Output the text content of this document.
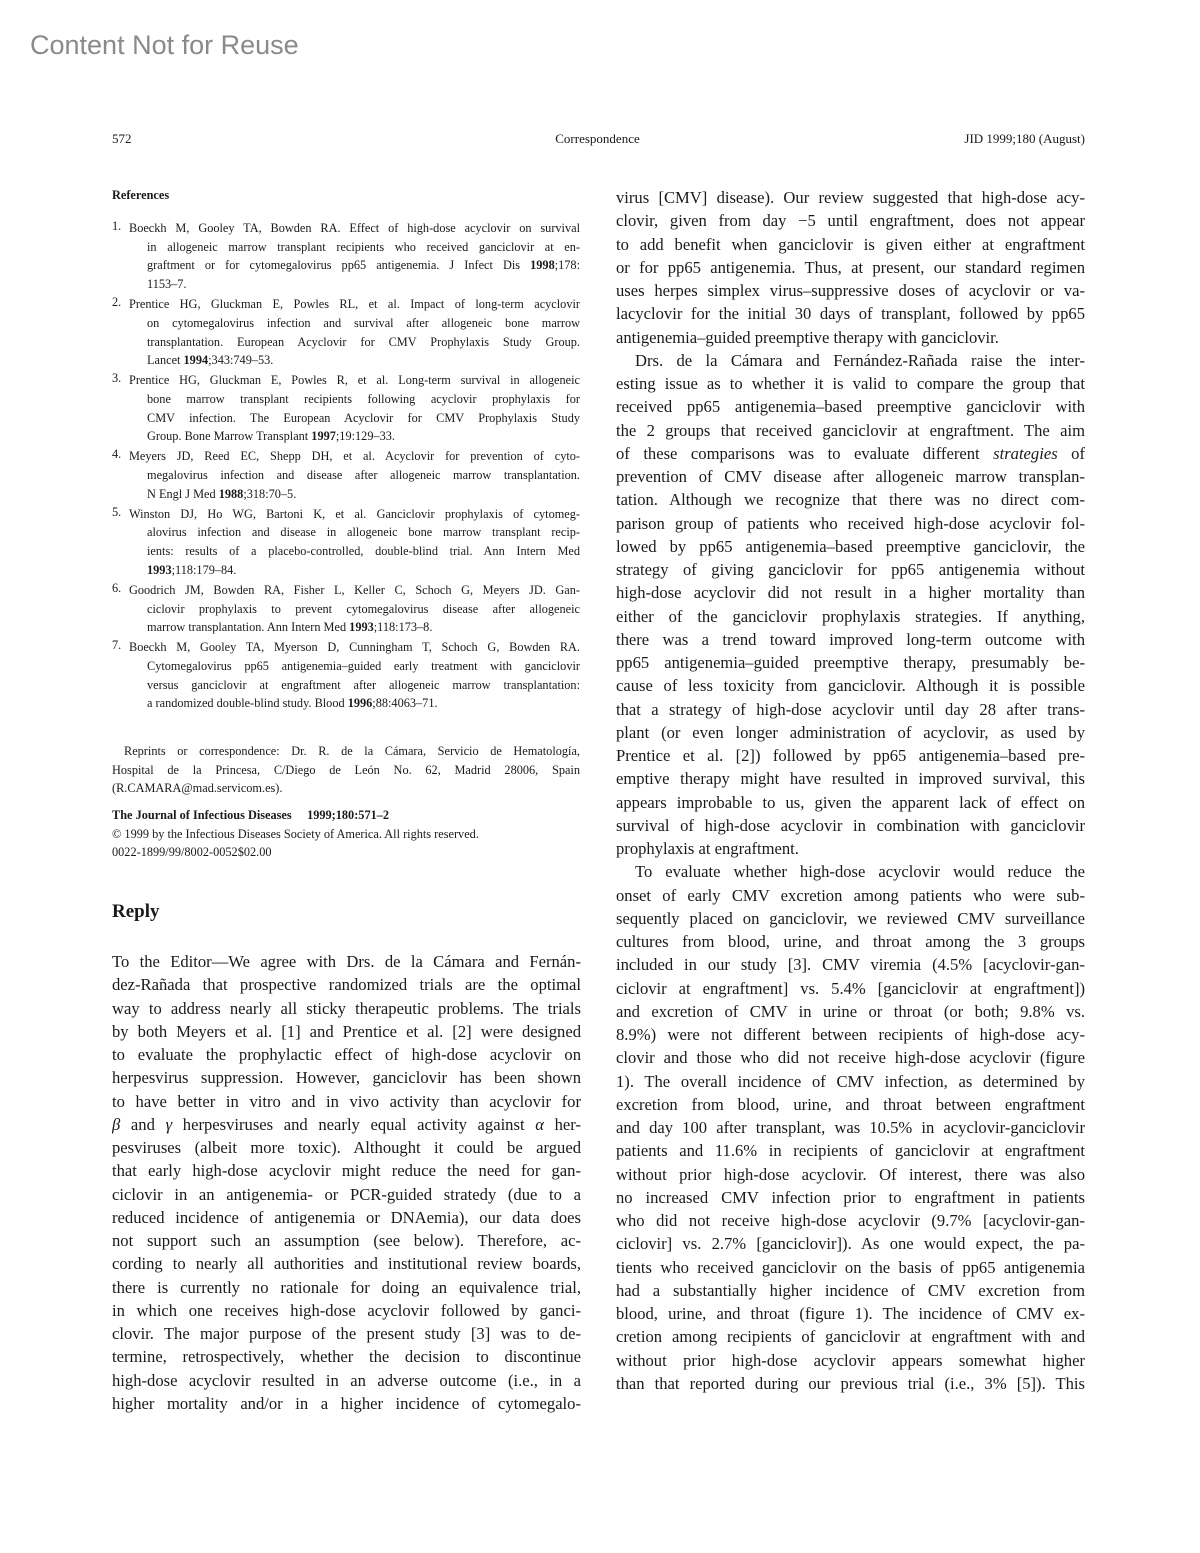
Content Not for Reuse
572	Correspondence	JID 1999;180 (August)
References
1. Boeckh M, Gooley TA, Bowden RA. Effect of high-dose acyclovir on survival
in allogeneic marrow transplant recipients who received ganciclovir at en-
graftment or for cytomegalovirus pp65 antigenemia. J Infect Dis 1998;178:
1153–7.
2. Prentice HG, Gluckman E, Powles RL, et al. Impact of long-term acyclovir
on cytomegalovirus infection and survival after allogeneic bone marrow
transplantation. European Acyclovir for CMV Prophylaxis Study Group.
Lancet 1994;343:749–53.
3. Prentice HG, Gluckman E, Powles R, et al. Long-term survival in allogeneic
bone marrow transplant recipients following acyclovir prophylaxis for
CMV infection. The European Acyclovir for CMV Prophylaxis Study
Group. Bone Marrow Transplant 1997;19:129–33.
4. Meyers JD, Reed EC, Shepp DH, et al. Acyclovir for prevention of cyto-
megalovirus infection and disease after allogeneic marrow transplantation.
N Engl J Med 1988;318:70–5.
5. Winston DJ, Ho WG, Bartoni K, et al. Ganciclovir prophylaxis of cytomeg-
alovirus infection and disease in allogeneic bone marrow transplant recip-
ients: results of a placebo-controlled, double-blind trial. Ann Intern Med
1993;118:179–84.
6. Goodrich JM, Bowden RA, Fisher L, Keller C, Schoch G, Meyers JD. Gan-
ciclovir prophylaxis to prevent cytomegalovirus disease after allogeneic
marrow transplantation. Ann Intern Med 1993;118:173–8.
7. Boeckh M, Gooley TA, Myerson D, Cunningham T, Schoch G, Bowden RA.
Cytomegalovirus pp65 antigenemia–guided early treatment with ganciclovir
versus ganciclovir at engraftment after allogeneic marrow transplantation:
a randomized double-blind study. Blood 1996;88:4063–71.
Reprints or correspondence: Dr. R. de la Cámara, Servicio de Hematología,
Hospital de la Princesa, C/Diego de León No. 62, Madrid 28006, Spain
(R.CAMARA@mad.servicom.es).
The Journal of Infectious Diseases 1999;180:571–2
© 1999 by the Infectious Diseases Society of America. All rights reserved.
0022-1899/99/8002-0052$02.00
Reply
To the Editor—We agree with Drs. de la Cámara and Fernán-
dez-Rañada that prospective randomized trials are the optimal
way to address nearly all sticky therapeutic problems. The trials
by both Meyers et al. [1] and Prentice et al. [2] were designed
to evaluate the prophylactic effect of high-dose acyclovir on
herpesvirus suppression. However, ganciclovir has been shown
to have better in vitro and in vivo activity than acyclovir for
β and γ herpesviruses and nearly equal activity against α her-
pesviruses (albeit more toxic). Althought it could be argued
that early high-dose acyclovir might reduce the need for gan-
ciclovir in an antigenemia- or PCR-guided stratedy (due to a
reduced incidence of antigenemia or DNAemia), our data does
not support such an assumption (see below). Therefore, ac-
cording to nearly all authorities and institutional review boards,
there is currently no rationale for doing an equivalence trial,
in which one receives high-dose acyclovir followed by ganci-
clovir. The major purpose of the present study [3] was to de-
termine, retrospectively, whether the decision to discontinue
high-dose acyclovir resulted in an adverse outcome (i.e., in a
higher mortality and/or in a higher incidence of cytomegalo-
virus [CMV] disease). Our review suggested that high-dose acy-
clovir, given from day −5 until engraftment, does not appear
to add benefit when ganciclovir is given either at engraftment
or for pp65 antigenemia. Thus, at present, our standard regimen
uses herpes simplex virus–suppressive doses of acyclovir or va-
lacyclovir for the initial 30 days of transplant, followed by pp65
antigenemia–guided preemptive therapy with ganciclovir.
Drs. de la Cámara and Fernández-Rañada raise the inter-
esting issue as to whether it is valid to compare the group that
received pp65 antigenemia–based preemptive ganciclovir with
the 2 groups that received ganciclovir at engraftment. The aim
of these comparisons was to evaluate different strategies of
prevention of CMV disease after allogeneic marrow transplan-
tation. Although we recognize that there was no direct com-
parison group of patients who received high-dose acyclovir fol-
lowed by pp65 antigenemia–based preemptive ganciclovir, the
strategy of giving ganciclovir for pp65 antigenemia without
high-dose acyclovir did not result in a higher mortality than
either of the ganciclovir prophylaxis strategies. If anything,
there was a trend toward improved long-term outcome with
pp65 antigenemia–guided preemptive therapy, presumably be-
cause of less toxicity from ganciclovir. Although it is possible
that a strategy of high-dose acyclovir until day 28 after trans-
plant (or even longer administration of acyclovir, as used by
Prentice et al. [2]) followed by pp65 antigenemia–based pre-
emptive therapy might have resulted in improved survival, this
appears improbable to us, given the apparent lack of effect on
survival of high-dose acyclovir in combination with ganciclovir
prophylaxis at engraftment.
To evaluate whether high-dose acyclovir would reduce the
onset of early CMV excretion among patients who were sub-
sequently placed on ganciclovir, we reviewed CMV surveillance
cultures from blood, urine, and throat among the 3 groups
included in our study [3]. CMV viremia (4.5% [acyclovir-gan-
ciclovir at engraftment] vs. 5.4% [ganciclovir at engraftment])
and excretion of CMV in urine or throat (or both; 9.8% vs.
8.9%) were not different between recipients of high-dose acy-
clovir and those who did not receive high-dose acyclovir (figure
1). The overall incidence of CMV infection, as determined by
excretion from blood, urine, and throat between engraftment
and day 100 after transplant, was 10.5% in acyclovir-ganciclovir
patients and 11.6% in recipients of ganciclovir at engraftment
without prior high-dose acyclovir. Of interest, there was also
no increased CMV infection prior to engraftment in patients
who did not receive high-dose acyclovir (9.7% [acyclovir-gan-
ciclovir] vs. 2.7% [ganciclovir]). As one would expect, the pa-
tients who received ganciclovir on the basis of pp65 antigenemia
had a substantially higher incidence of CMV excretion from
blood, urine, and throat (figure 1). The incidence of CMV ex-
cretion among recipients of ganciclovir at engraftment with and
without prior high-dose acyclovir appears somewhat higher
than that reported during our previous trial (i.e., 3% [5]). This
